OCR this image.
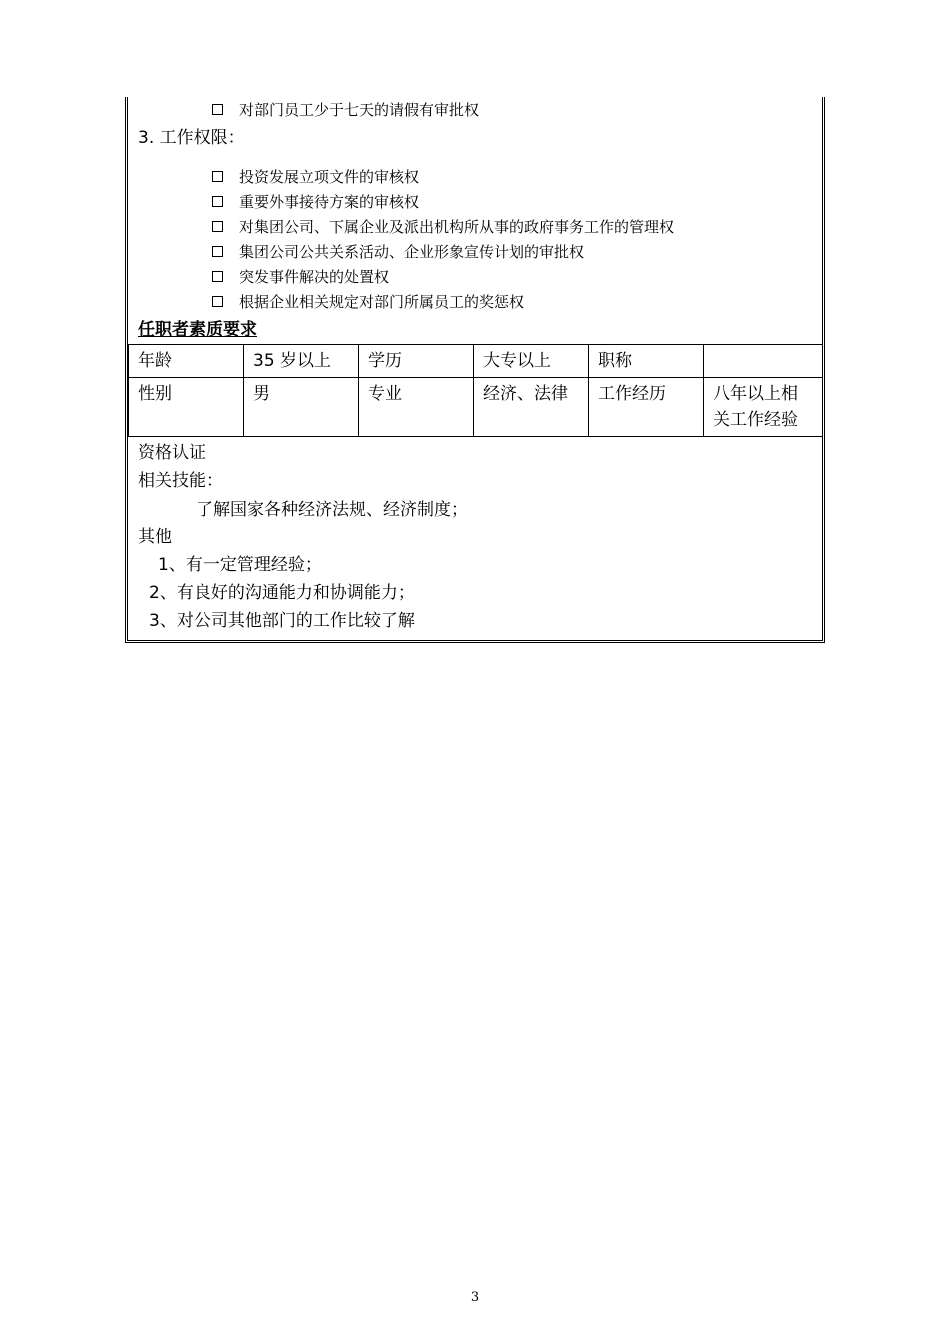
对部门员工少于七天的请假有审批权
3. 工作权限：
投资发展立项文件的审核权
重要外事接待方案的审核权
对集团公司、下属企业及派出机构所从事的政府事务工作的管理权
集团公司公共关系活动、企业形象宣传计划的审批权
突发事件解决的处置权
根据企业相关规定对部门所属员工的奖惩权
任职者素质要求
年龄	35 岁以上	学历	大专以上	职称	
性别	男	专业	经济、法律	工作经历	八年以上相关工作经验
资格认证
相关技能：
了解国家各种经济法规、经济制度；
其他
1、有一定管理经验；
2、有良好的沟通能力和协调能力；
3、对公司其他部门的工作比较了解
3
